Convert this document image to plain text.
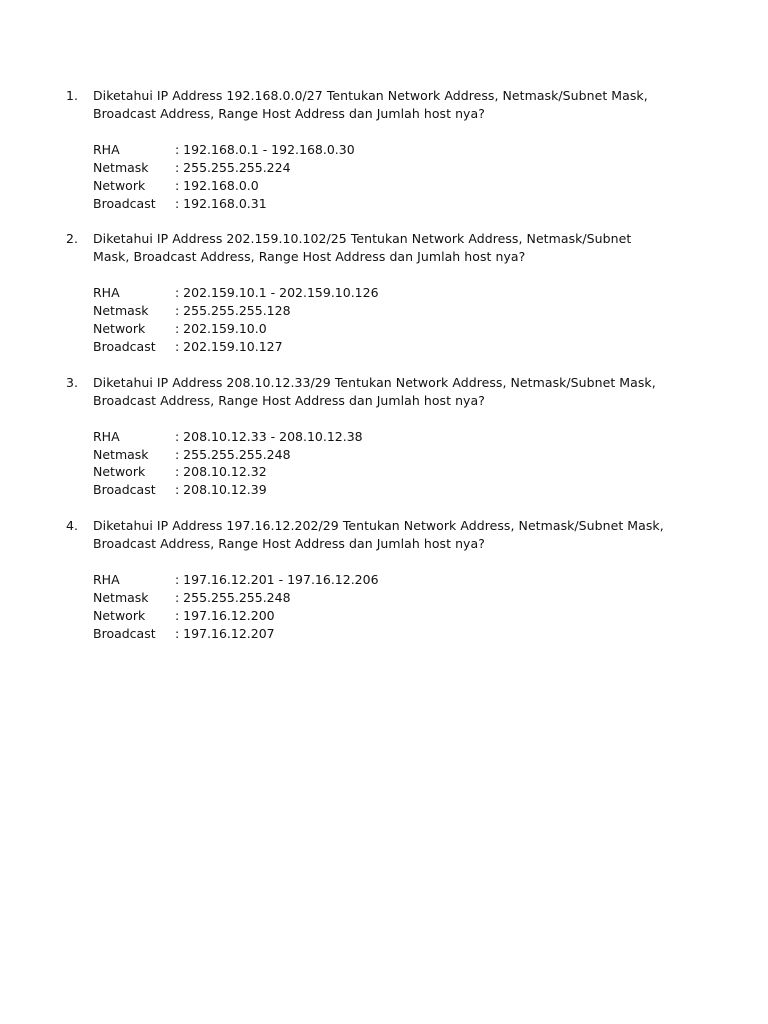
1. Diketahui IP Address 192.168.0.0/27 Tentukan Network Address, Netmask/Subnet Mask,
Broadcast Address, Range Host Address dan Jumlah host nya?
RHA	: 192.168.0.1 - 192.168.0.30
Netmask	: 255.255.255.224
Network	: 192.168.0.0
Broadcast	: 192.168.0.31
2. Diketahui IP Address 202.159.10.102/25 Tentukan Network Address, Netmask/Subnet
Mask, Broadcast Address, Range Host Address dan Jumlah host nya?
RHA	: 202.159.10.1 - 202.159.10.126
Netmask	: 255.255.255.128
Network	: 202.159.10.0
Broadcast	: 202.159.10.127
3. Diketahui IP Address 208.10.12.33/29 Tentukan Network Address, Netmask/Subnet Mask,
Broadcast Address, Range Host Address dan Jumlah host nya?
RHA	: 208.10.12.33 - 208.10.12.38
Netmask	: 255.255.255.248
Network	: 208.10.12.32
Broadcast	: 208.10.12.39
4. Diketahui IP Address 197.16.12.202/29 Tentukan Network Address, Netmask/Subnet Mask,
Broadcast Address, Range Host Address dan Jumlah host nya?
RHA	: 197.16.12.201 - 197.16.12.206
Netmask	: 255.255.255.248
Network	: 197.16.12.200
Broadcast	: 197.16.12.207
